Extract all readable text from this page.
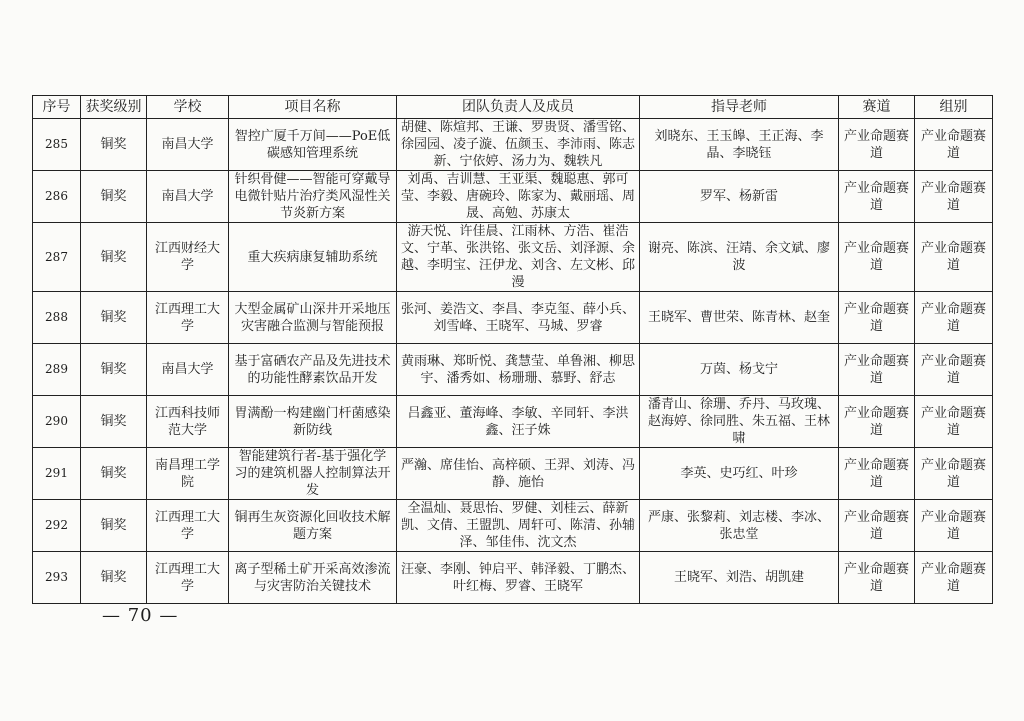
序号	获奖级别	学校	项目名称	团队负责人及成员	指导老师	赛道	组别
285	铜奖	南昌大学	智控广厦千万间——PoE低碳感知管理系统	胡健、陈煊邦、王谦、罗贵贤、潘雪铭、徐园园、凌子漩、伍颜玉、李沛雨、陈志新、宁依婷、汤力为、魏轶凡	刘晓东、王玉皞、王正海、李晶、李晓钰	产业命题赛道	产业命题赛道
286	铜奖	南昌大学	针织骨健——智能可穿戴导电微针贴片治疗类风湿性关节炎新方案	刘禹、吉训慧、王亚渠、魏聪惠、郭可莹、李毅、唐碗玲、陈家为、戴丽瑶、周晟、高勉、苏康太	罗军、杨新雷	产业命题赛道	产业命题赛道
287	铜奖	江西财经大学	重大疾病康复辅助系统	游天悦、许佳晨、江雨林、方浩、崔浩文、宁革、张洪铭、张文岳、刘泽源、余越、李明宝、汪伊龙、刘含、左文彬、邱漫	谢亮、陈滨、汪靖、余文斌、廖波	产业命题赛道	产业命题赛道
288	铜奖	江西理工大学	大型金属矿山深井开采地压灾害融合监测与智能预报	张河、姜浩文、李昌、李克玺、薛小兵、刘雪峰、王晓军、马城、罗睿	王晓军、曹世荣、陈青林、赵奎	产业命题赛道	产业命题赛道
289	铜奖	南昌大学	基于富硒农产品及先进技术的功能性酵素饮品开发	黄雨琳、郑昕悦、龚慧莹、单鲁湘、柳思宇、潘秀如、杨珊珊、慕野、舒志	万茵、杨戈宁	产业命题赛道	产业命题赛道
290	铜奖	江西科技师范大学	胃满酚一构建幽门杆菌感染新防线	吕鑫亚、董海峰、李敏、辛同轩、李洪鑫、汪子姝	潘青山、徐珊、乔丹、马玫瑰、赵海婷、徐同胜、朱五福、王林啸	产业命题赛道	产业命题赛道
291	铜奖	南昌理工学院	智能建筑行者-基于强化学习的建筑机器人控制算法开发	严瀚、席佳怡、高梓硕、王羿、刘涛、冯静、施怡	李英、史巧红、叶珍	产业命题赛道	产业命题赛道
292	铜奖	江西理工大学	铜再生灰资源化回收技术解题方案	全温灿、聂思怡、罗健、刘桂云、薛新凯、文倩、王盟凯、周轩可、陈清、孙辅泽、邹佳伟、沈文杰	严康、张黎莉、刘志楼、李冰、张忠堂	产业命题赛道	产业命题赛道
293	铜奖	江西理工大学	离子型稀土矿开采高效渗流与灾害防治关键技术	汪豪、李刚、钟启平、韩泽毅、丁鹏杰、叶红梅、罗睿、王晓军	王晓军、刘浩、胡凯建	产业命题赛道	产业命题赛道
— 70 —
